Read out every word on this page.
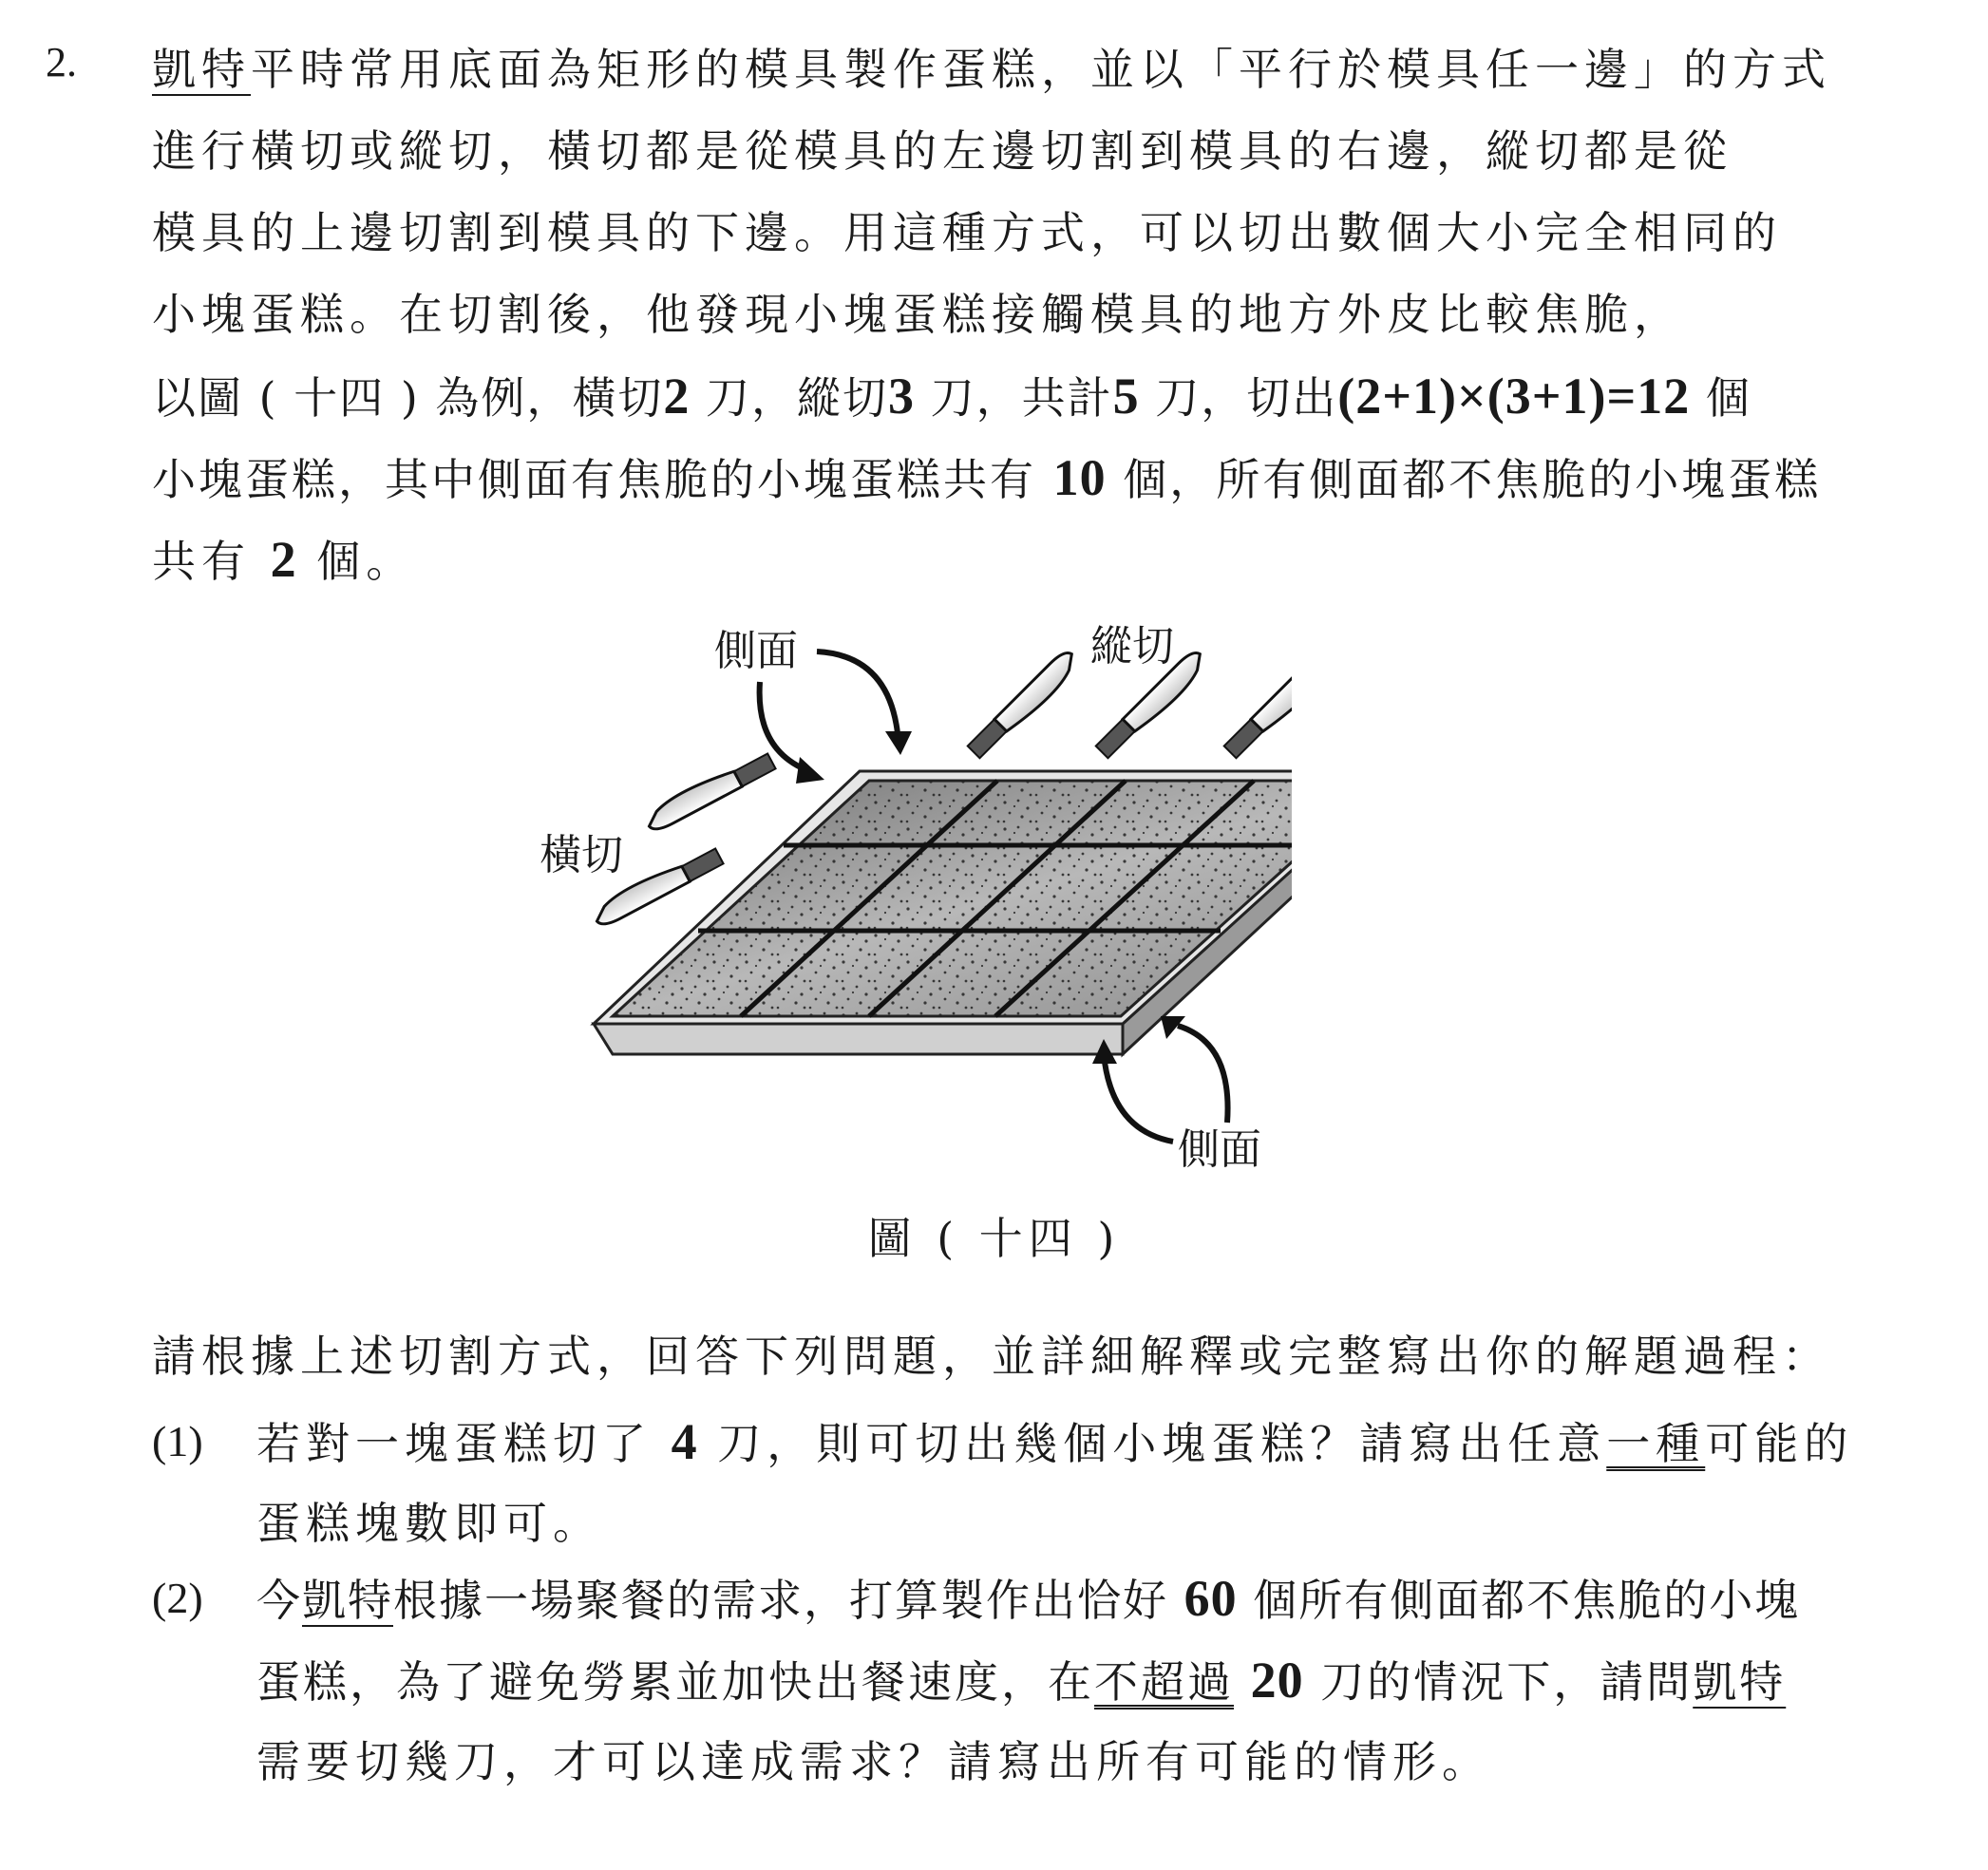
2. 凱特平時常用底面為矩形的模具製作蛋糕，並以「平行於模具任一邊」的方式
進行橫切或縱切，橫切都是從模具的左邊切割到模具的右邊，縱切都是從
模具的上邊切割到模具的下邊。用這種方式，可以切出數個大小完全相同的
小塊蛋糕。在切割後，他發現小塊蛋糕接觸模具的地方外皮比較焦脆，
以圖 ( 十四 ) 為例，橫切2 刀，縱切3 刀，共計5 刀，切出(2+1)×(3+1)=12 個
小塊蛋糕，其中側面有焦脆的小塊蛋糕共有 10 個，所有側面都不焦脆的小塊蛋糕
共有 2 個。
側面	縱切
橫切
側面
圖 ( 十四 )
請根據上述切割方式，回答下列問題，並詳細解釋或完整寫出你的解題過程：
(1) 若對一塊蛋糕切了 4 刀，則可切出幾個小塊蛋糕？請寫出任意一種可能的
蛋糕塊數即可。
(2) 今凱特根據一場聚餐的需求，打算製作出恰好 60 個所有側面都不焦脆的小塊
蛋糕，為了避免勞累並加快出餐速度，在不超過 20 刀的情況下，請問凱特
需要切幾刀，才可以達成需求？請寫出所有可能的情形。
